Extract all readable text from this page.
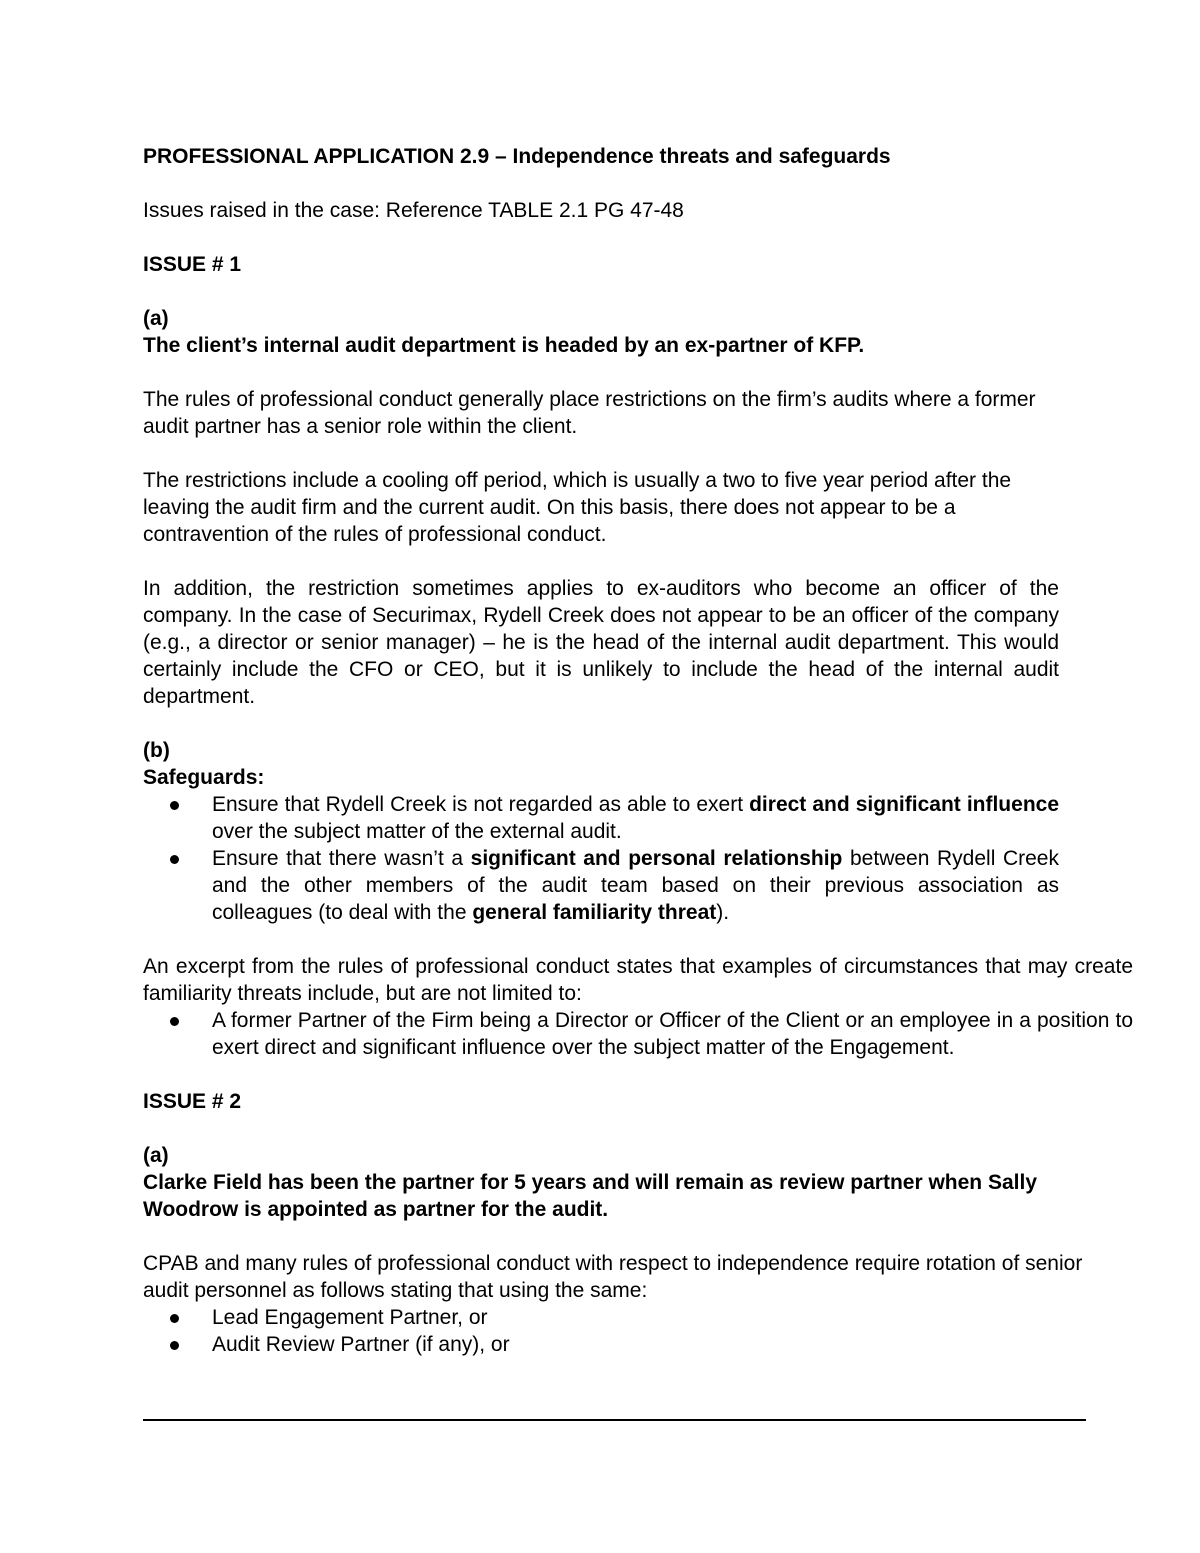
PROFESSIONAL APPLICATION 2.9 – Independence threats and safeguards

Issues raised in the case: Reference TABLE 2.1 PG 47-48

ISSUE # 1

(a)

The client’s internal audit department is headed by an ex-partner of KFP.

The rules of professional conduct generally place restrictions on the firm’s audits where a former audit partner has a senior role within the client.

The restrictions include a cooling off period, which is usually a two to five year period after the leaving the audit firm and the current audit. On this basis, there does not appear to be a contravention of the rules of professional conduct.

In addition, the restriction sometimes applies to ex-auditors who become an officer of the company. In the case of Securimax, Rydell Creek does not appear to be an officer of the company (e.g., a director or senior manager) – he is the head of the internal audit department. This would certainly include the CFO or CEO, but it is unlikely to include the head of the internal audit department.

(b)

Safeguards:

Ensure that Rydell Creek is not regarded as able to exert direct and significant influence over the subject matter of the external audit.
Ensure that there wasn’t a significant and personal relationship between Rydell Creek and the other members of the audit team based on their previous association as colleagues (to deal with the general familiarity threat).

An excerpt from the rules of professional conduct states that examples of circumstances that may create familiarity threats include, but are not limited to:

A former Partner of the Firm being a Director or Officer of the Client or an employee in a position to exert direct and significant influence over the subject matter of the Engagement.

ISSUE # 2

(a)

Clarke Field has been the partner for 5 years and will remain as review partner when Sally Woodrow is appointed as partner for the audit.

CPAB and many rules of professional conduct with respect to independence require rotation of senior audit personnel as follows stating that using the same:

Lead Engagement Partner, or
Audit Review Partner (if any), or
